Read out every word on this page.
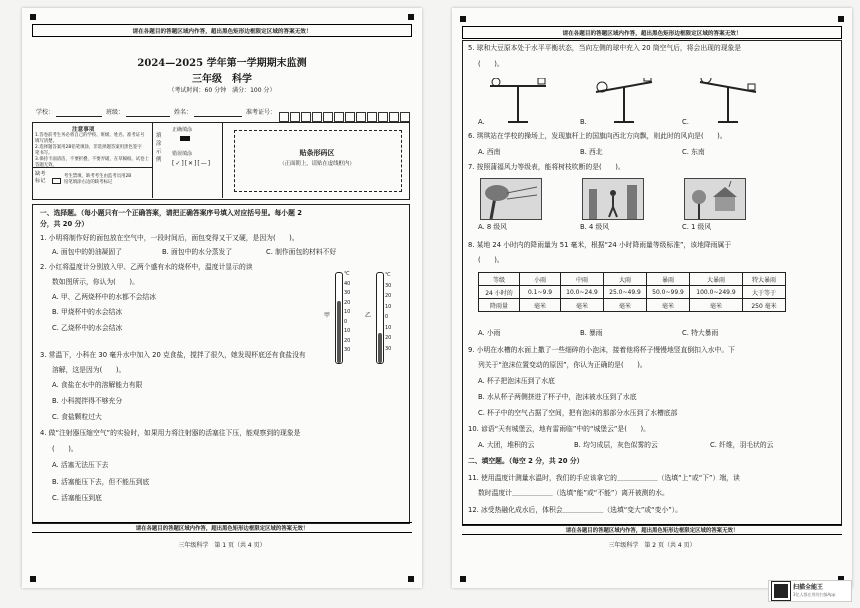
2024—2025 学年第一学期期末监测
三年级　科学
（考试时间：60 分钟　满分：100 分）
学校：	班级：	姓名：	准考证号：
注意事项
1.答卷前考生务必将自己的学校、班级、姓名、准考证号
填写清楚。
2.选择题答案用2B铅笔填涂，非选择题答案用黑色签字
笔书写。
3.保持卡面清洁，不要折叠，不要弄破，在草稿纸、试卷上
答题无效。
缺考标记
考生禁填，缺考考生由监考员用2B
铅笔填涂右边的缺考标记
填涂示例
正确填涂
错误填涂
[✓][✕][—]
贴条形码区
（正面朝上，请贴在虚线框内）
一、选择题。（每小题只有一个正确答案，请把正确答案序号填入对应括号里。每小题 2
分，共 20 分）
1. 小明将制作好的面包放在空气中，一段时间后，面包变得又干又硬，是因为(　　)。
A. 面包中的奶油凝固了	B. 面包中的水分蒸发了	C. 制作面包的材料不好
2. 小红将温度计分别放入甲、乙两个盛有水的烧杯中，温度计显示的读
数如图所示，你认为(　　)。
A. 甲、乙两烧杯中的水都不会结冰
B. 甲烧杯中的水会结冰
C. 乙烧杯中的水会结冰
甲
℃
40
30
20
10
0
10
20
30
乙
℃
30
20
10
0
10
20
30
3. 常温下，小科在 30 毫升水中加入 20 克食盐，搅拌了很久，她发现杯底还有食盐没有
溶解，这是因为(　　)。
A. 食盐在水中的溶解能力有限
B. 小科搅拌得不够充分
C. 食盐颗粒过大
4. 做“注射器压缩空气”的实验时，如果用力将注射器的活塞往下压，能观察到的现象是
(　　)。
A. 活塞无法压下去
B. 活塞能压下去，但不能压到底
C. 活塞能压到底
请在各题目的答题区域内作答，超出黑色矩形边框限定区域的答案无效！
三年级科学　第 1 页（共 4 页）
请在各题目的答题区域内作答，超出黑色矩形边框限定区域的答案无效！
5. 球和大豆原本处于水平平衡状态，当向左侧的球中充入 20 筒空气后，将会出现的现象是
(　　)。
A.	B.	C.
6. 琪琪站在学校的操场上，发现旗杆上的国旗向西北方向飘，则此时的风向是(　　)。
A. 西南	B. 西北	C. 东南
7. 按照蒲福风力等级表，能将树枝吹断的是(　　)。
A. 8 级风	B. 4 级风	C. 1 级风
8. 某地 24 小时内的降雨量为 51 毫米，根据“24 小时降雨量等级标准”，该地降雨属于
(　　)。
等级	小雨	中雨	大雨	暴雨	大暴雨	特大暴雨
24 小时的	0.1~9.9	10.0~24.9	25.0~49.9	50.0~99.9	100.0~249.9	大于等于
降雨量	毫米	毫米	毫米	毫米	毫米	250 毫米
A. 小雨	B. 暴雨	C. 特大暴雨
9. 小明在水槽的水面上撒了一些细碎的小泡沫，接着他将杯子慢慢地竖直倒扣入水中。下
列关于“泡沫位置变动的原因”，你认为正确的是(　　)。
A. 杯子把泡沫压到了水底
B. 水从杯子两侧挤进了杯子中，泡沫被水压到了水底
C. 杯子中的空气占据了空间，把有泡沫的那部分水压到了水槽底部
10. 谚语“天有城堡云，地有雷雨临”中的“城堡云”是(　　)。
A. 大团，堆积的云	B. 均匀成层，灰色似雾的云	C. 纤维，羽毛状的云
二、填空题。（每空 2 分，共 20 分）
11. 使用温度计测量水温时，我们的手应该拿它的＿＿＿＿＿＿（选填“上”或“下”）端，读
数时温度计＿＿＿＿＿＿（选填“能”或“不能”）离开被测的水。
12. 冰受热融化成水后，体积会＿＿＿＿＿＿（选填“变大”或“变小”）。
请在各题目的答题区域内作答，超出黑色矩形边框限定区域的答案无效！
三年级科学　第 2 页（共 4 页）
请在各题目的答题区域内作答，超出黑色矩形边框限定区域的答案无效！
扫描全能王
3亿人都在用的扫描App
